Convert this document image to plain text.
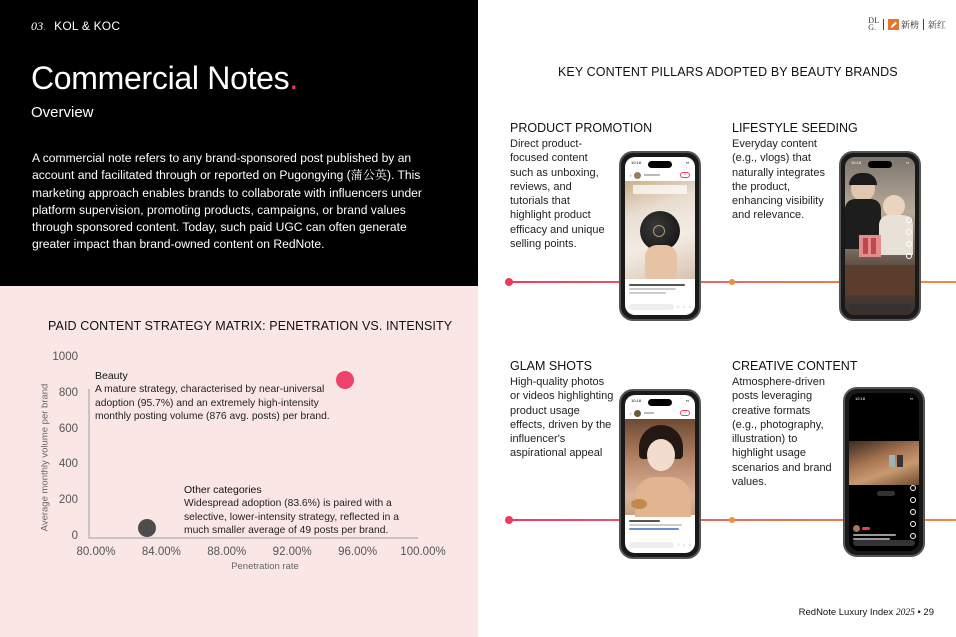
03. KOL & KOC
Commercial Notes.
Overview

A commercial note refers to any brand-sponsored post published by an account and facilitated through or reported on Pugongying (蒲公英). This marketing approach enables brands to collaborate with influencers under platform supervision, promoting products, campaigns, or brand values through sponsored content. Today, such paid UGC can often generate greater impact than brand-owned content on RedNote.

PAID CONTENT STRATEGY MATRIX: PENETRATION VS. INTENSITY
Average monthly volume per brand
Penetration rate
Beauty
A mature strategy, characterised by near-universal adoption (95.7%) and an extremely high-intensity monthly posting volume (876 avg. posts) per brand.
Other categories
Widespread adoption (83.6%) is paired with a selective, lower-intensity strategy, reflected in a much smaller average of 49 posts per brand.
0
200
400
600
800
1000
80.00%	84.00%	88.00%	92.00%	96.00%	100.00%
DL
G.	新榜 新红
KEY CONTENT PILLARS ADOPTED BY BEAUTY BRANDS
PRODUCT PROMOTION
Direct product-focused content such as unboxing, reviews, and tutorials that highlight product efficacy and unique selling points.
LIFESTYLE SEEDING
Everyday content (e.g., vlogs) that naturally integrates the product, enhancing visibility and relevance.
GLAM SHOTS
High-quality photos or videos highlighting product usage effects, driven by the influencer's aspirational appeal
CREATIVE CONTENT
Atmosphere-driven posts leveraging creative formats (e.g., photography, illustration) to highlight usage scenarios and brand values.
10:18	▪▪
‹	+
♡ ☆ ○
10:18	▪▪
10:18	▪▪
‹	+
♡ ☆ ○
10:18	▪▪
RedNote Luxury Index 2025 • 29
